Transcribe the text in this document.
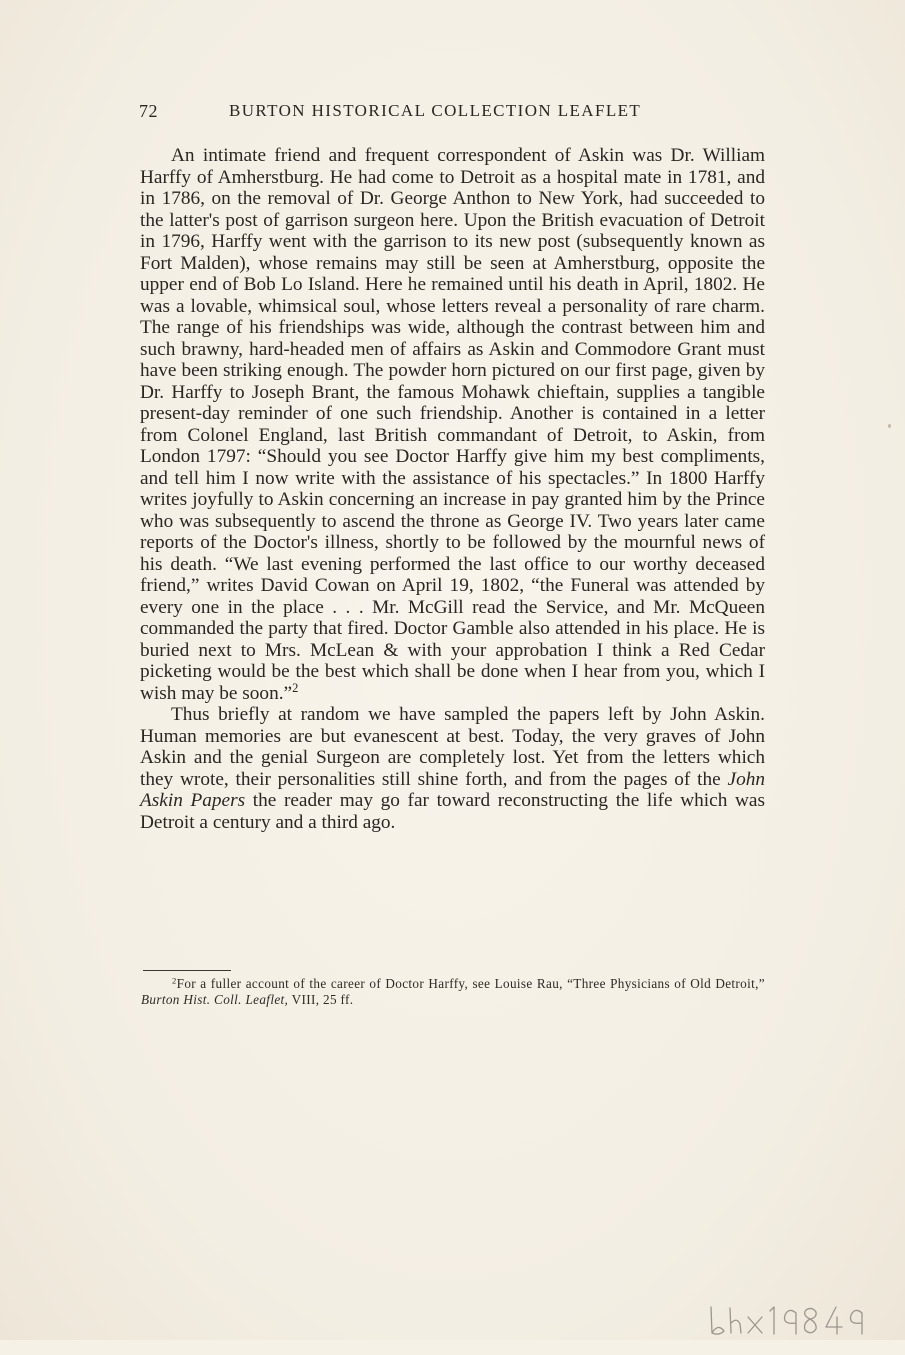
72	BURTON HISTORICAL COLLECTION LEAFLET

An intimate friend and frequent correspondent of Askin was Dr. William Harffy of Amherstburg. He had come to Detroit as a hospital mate in 1781, and in 1786, on the removal of Dr. George Anthon to New York, had succeeded to the latter's post of garrison surgeon here. Upon the British evacuation of Detroit in 1796, Harffy went with the garrison to its new post (subsequently known as Fort Malden), whose remains may still be seen at Amherstburg, opposite the upper end of Bob Lo Island. Here he remained until his death in April, 1802. He was a lovable, whimsical soul, whose letters reveal a personality of rare charm. The range of his friendships was wide, although the contrast between him and such brawny, hard-headed men of affairs as Askin and Commodore Grant must have been striking enough. The powder horn pictured on our first page, given by Dr. Harffy to Joseph Brant, the famous Mohawk chieftain, supplies a tangible present-day reminder of one such friendship. Another is contained in a letter from Colonel England, last British commandant of Detroit, to Askin, from London 1797: “Should you see Doctor Harffy give him my best compliments, and tell him I now write with the assistance of his spectacles.” In 1800 Harffy writes joyfully to Askin concerning an increase in pay granted him by the Prince who was subsequently to ascend the throne as George IV. Two years later came reports of the Doctor's illness, shortly to be followed by the mournful news of his death. “We last evening performed the last office to our worthy deceased friend,” writes David Cowan on April 19, 1802, “the Funeral was attended by every one in the place . . . Mr. McGill read the Service, and Mr. McQueen commanded the party that fired. Doctor Gamble also attended in his place. He is buried next to Mrs. McLean & with your approbation I think a Red Cedar picketing would be the best which shall be done when I hear from you, which I wish may be soon.”$^2$

Thus briefly at random we have sampled the papers left by John Askin. Human memories are but evanescent at best. Today, the very graves of John Askin and the genial Surgeon are completely lost. Yet from the letters which they wrote, their personalities still shine forth, and from the pages of the John Askin Papers the reader may go far toward reconstructing the life which was Detroit a century and a third ago.

$^2$For a fuller account of the career of Doctor Harffy, see Louise Rau, “Three Physicians of Old Detroit,” Burton Hist. Coll. Leaflet, VIII, 25 ff.
